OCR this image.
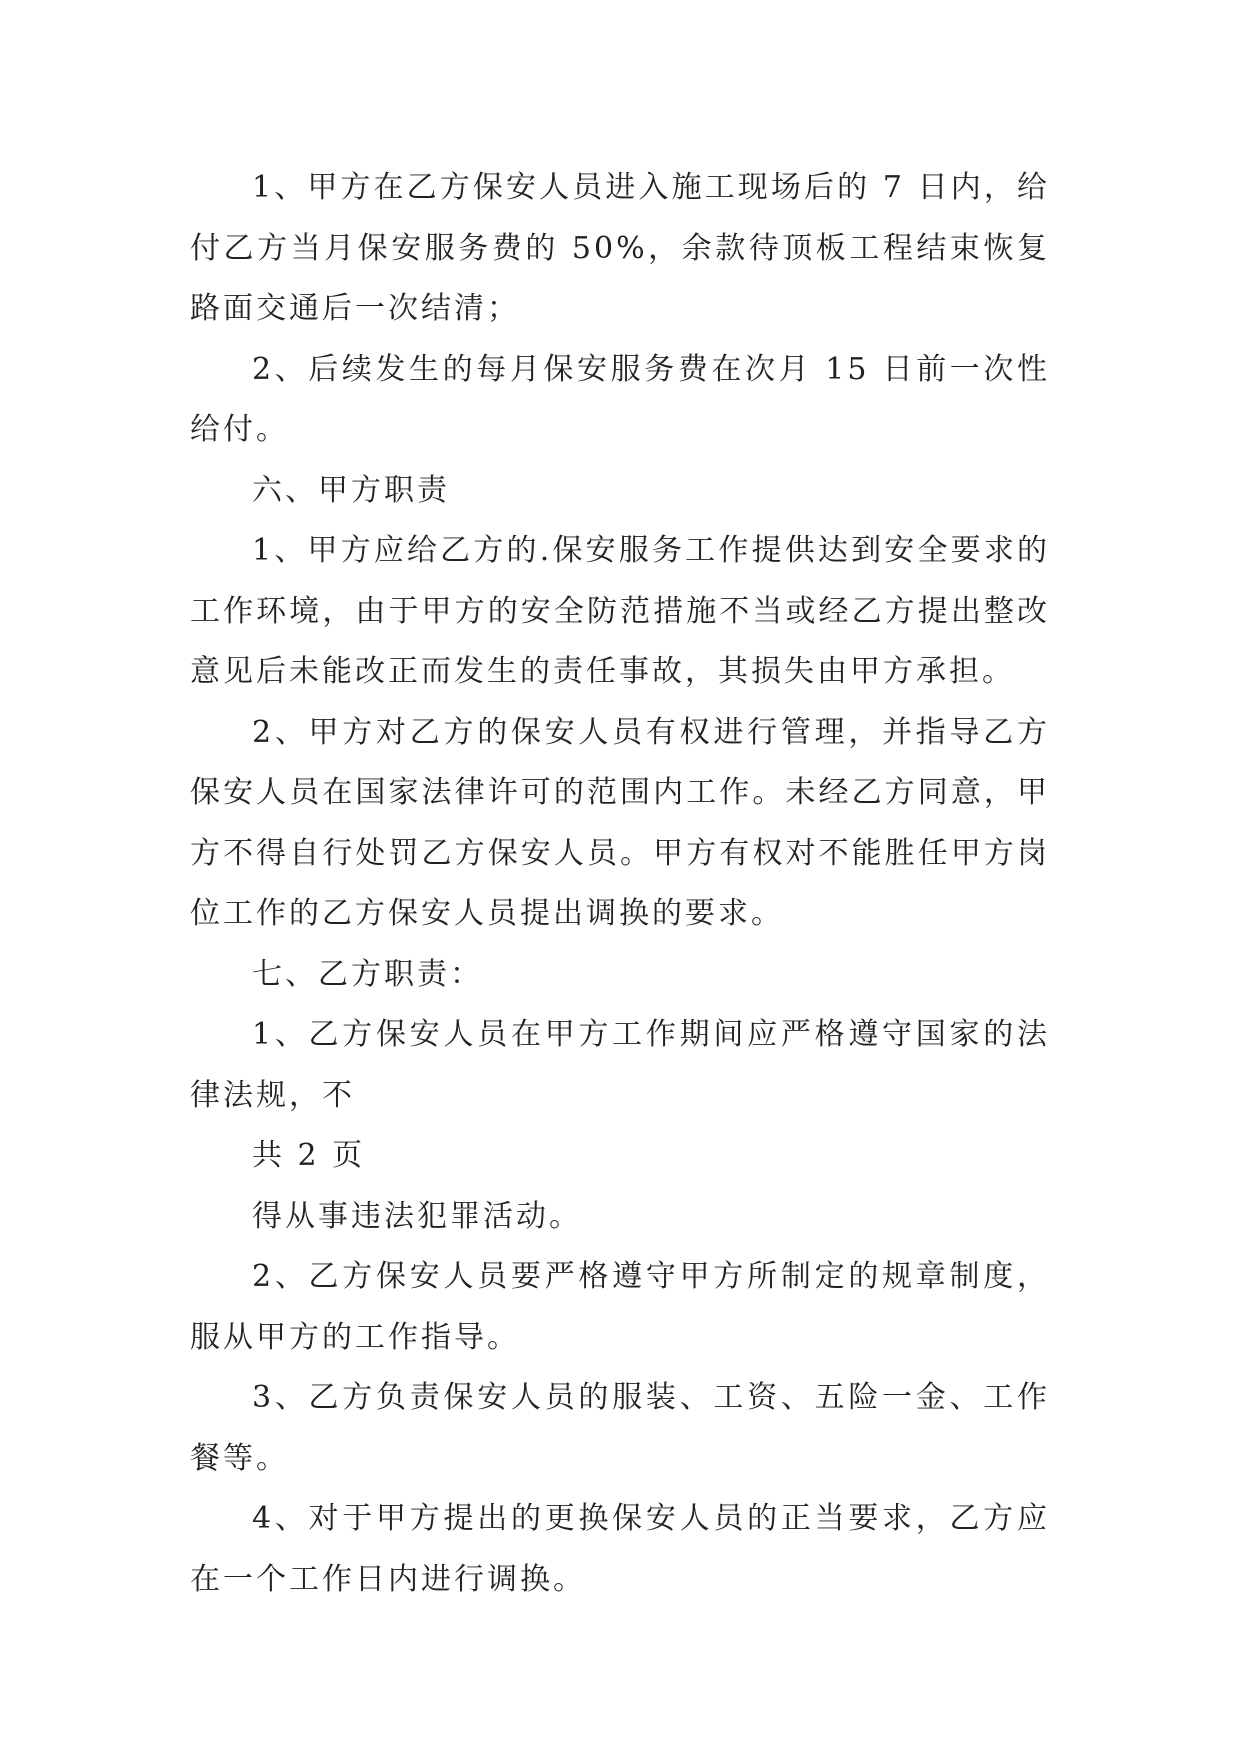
1、甲方在乙方保安人员进入施工现场后的 7 日内，给付乙方当月保安服务费的 50%，余款待顶板工程结束恢复路面交通后一次结清；

2、后续发生的每月保安服务费在次月 15 日前一次性给付。

六、甲方职责

1、甲方应给乙方的.保安服务工作提供达到安全要求的工作环境，由于甲方的安全防范措施不当或经乙方提出整改意见后未能改正而发生的责任事故，其损失由甲方承担。

2、甲方对乙方的保安人员有权进行管理，并指导乙方保安人员在国家法律许可的范围内工作。未经乙方同意，甲方不得自行处罚乙方保安人员。甲方有权对不能胜任甲方岗位工作的乙方保安人员提出调换的要求。

七、乙方职责：

1、乙方保安人员在甲方工作期间应严格遵守国家的法律法规，不

共 2 页

得从事违法犯罪活动。

2、乙方保安人员要严格遵守甲方所制定的规章制度，服从甲方的工作指导。

3、乙方负责保安人员的服装、工资、五险一金、工作餐等。

4、对于甲方提出的更换保安人员的正当要求，乙方应在一个工作日内进行调换。
